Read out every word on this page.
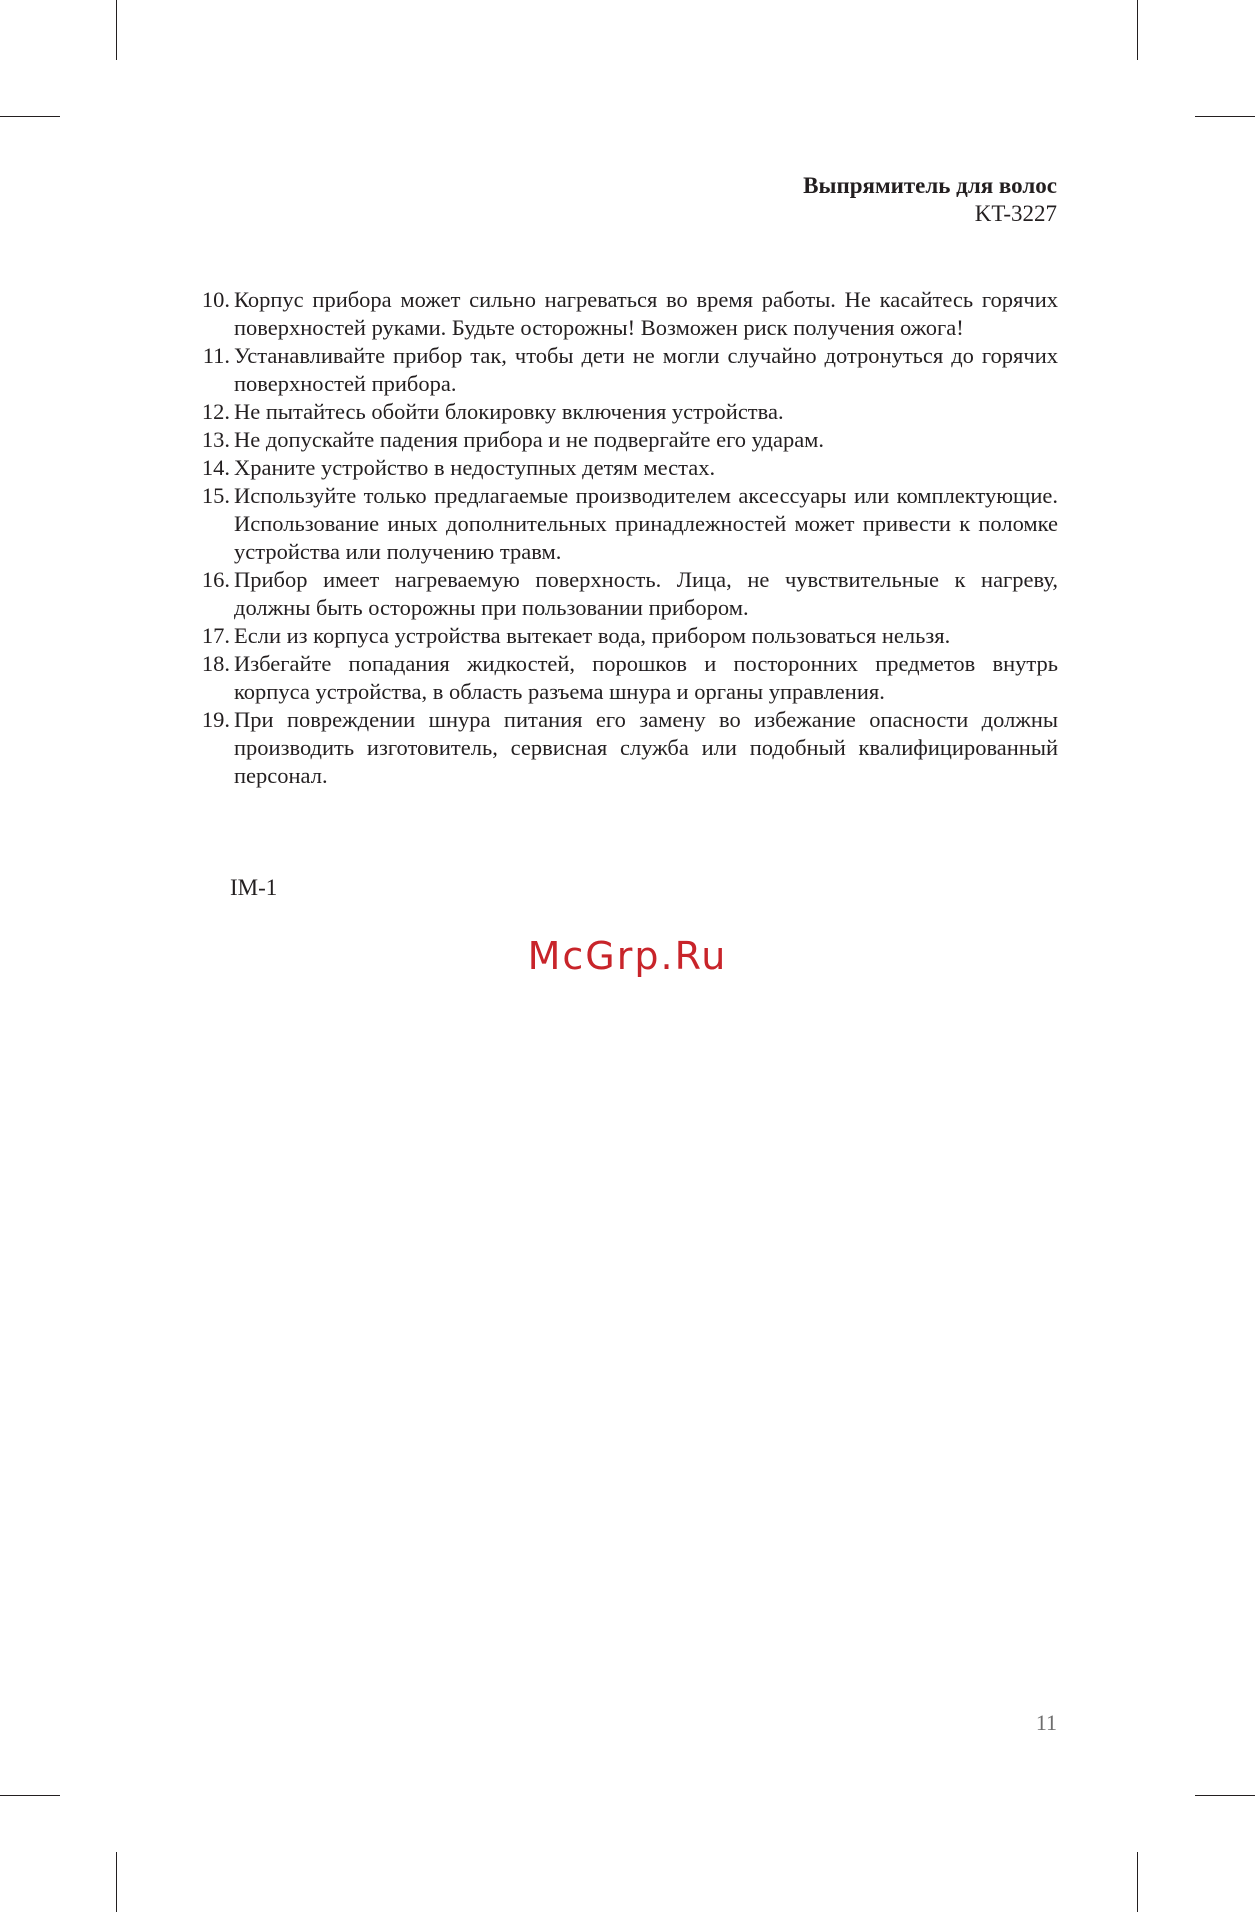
Выпрямитель для волос
KT-3227
10. Корпус прибора может сильно нагреваться во время работы. Не касайтесь горячих поверхностей руками. Будьте осторожны! Возможен риск получения ожога!
11. Устанавливайте прибор так, чтобы дети не могли случайно дотронуться до горячих поверхностей прибора.
12. Не пытайтесь обойти блокировку включения устройства.
13. Не допускайте падения прибора и не подвергайте его ударам.
14. Храните устройство в недоступных детям местах.
15. Используйте только предлагаемые производителем аксессуары или комплектующие. Использование иных дополнительных принадлежностей может привести к поломке устройства или получению травм.
16. Прибор имеет нагреваемую поверхность. Лица, не чувствительные к нагреву, должны быть осторожны при пользовании прибором.
17. Если из корпуса устройства вытекает вода, прибором пользоваться нельзя.
18. Избегайте попадания жидкостей, порошков и посторонних предметов внутрь корпуса устройства, в область разъема шнура и органы управления.
19. При повреждении шнура питания его замену во избежание опасности должны производить изготовитель, сервисная служба или подобный квалифицированный персонал.
IM-1
McGrp.Ru
11
